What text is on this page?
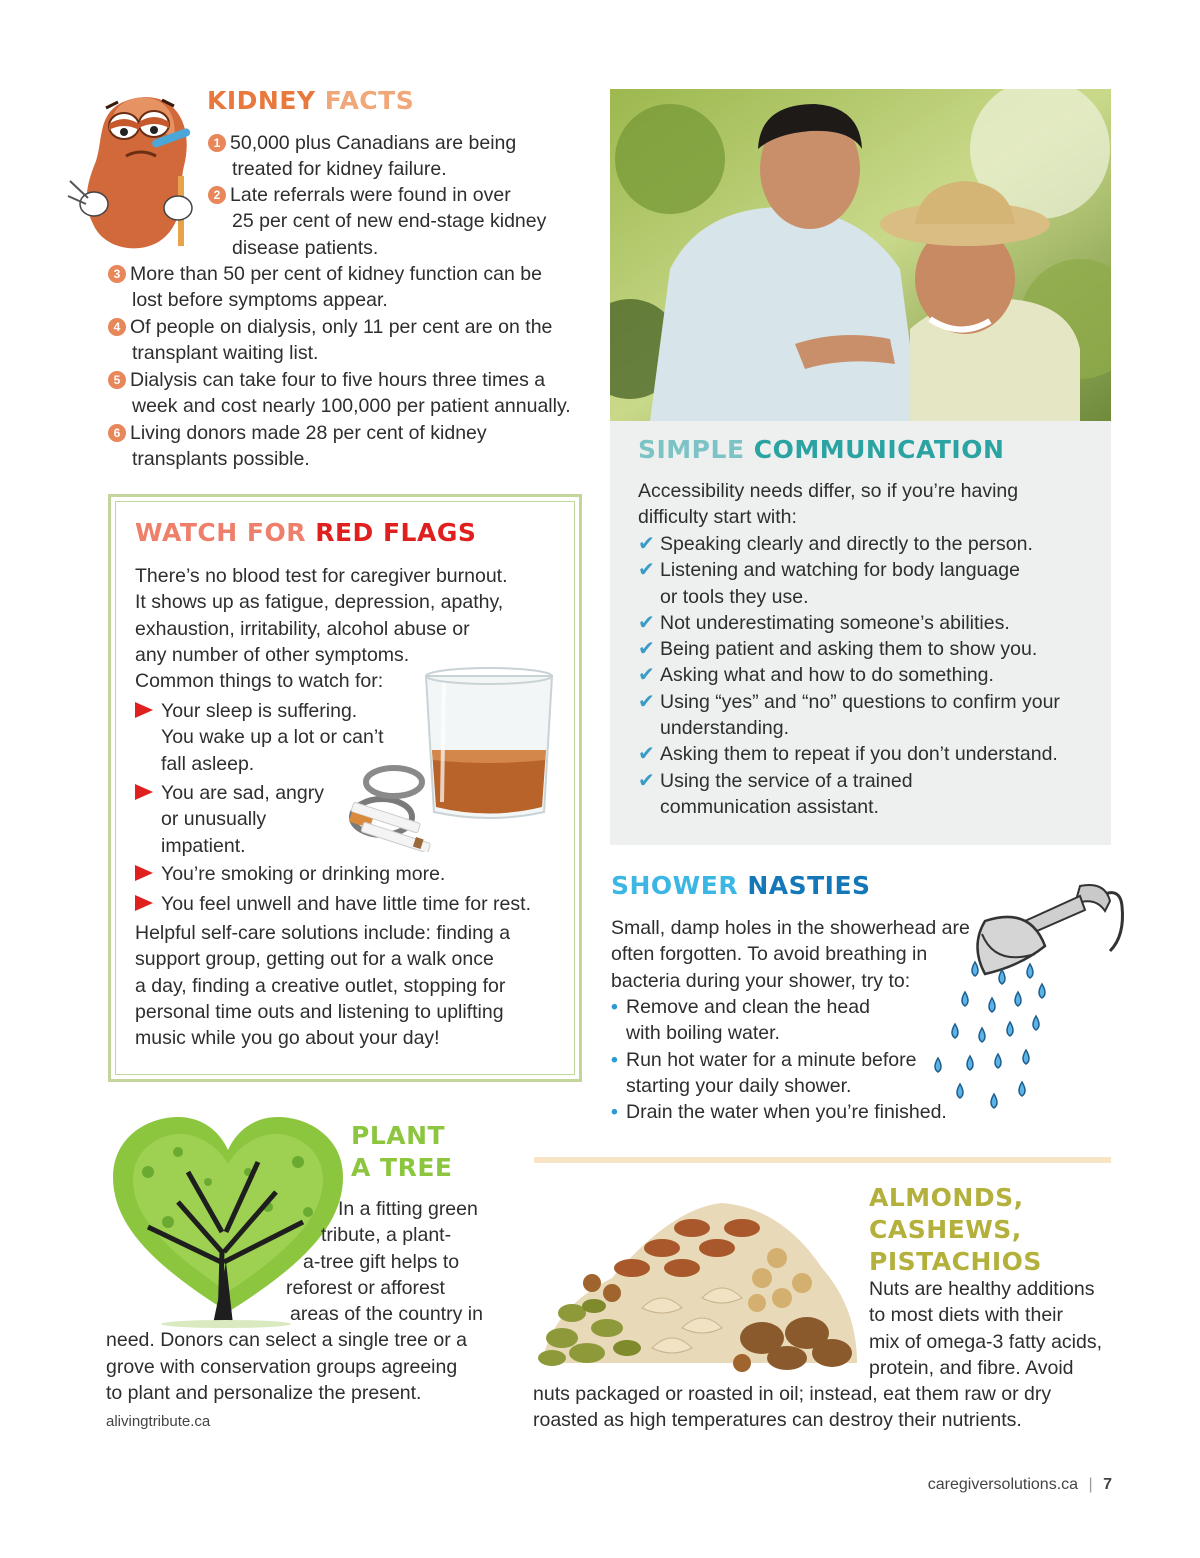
KIDNEY FACTS
1 50,000 plus Canadians are being
treated for kidney failure.
2 Late referrals were found in over
25 per cent of new end-stage kidney
disease patients.
3 More than 50 per cent of kidney function can be
lost before symptoms appear.
4 Of people on dialysis, only 11 per cent are on the
transplant waiting list.
5 Dialysis can take four to five hours three times a
week and cost nearly 100,000 per patient annually.
6 Living donors made 28 per cent of kidney
transplants possible.
WATCH FOR RED FLAGS
There’s no blood test for caregiver burnout.
It shows up as fatigue, depression, apathy,
exhaustion, irritability, alcohol abuse or
any number of other symptoms.
Common things to watch for:
Your sleep is suffering.
You wake up a lot or can’t
fall asleep.
You are sad, angry
or unusually
impatient.
You’re smoking or drinking more.
You feel unwell and have little time for rest.
Helpful self-care solutions include: finding a
support group, getting out for a walk once
a day, finding a creative outlet, stopping for
personal time outs and listening to uplifting
music while you go about your day!
SIMPLE COMMUNICATION
Accessibility needs differ, so if you’re having
difficulty start with:
✔ Speaking clearly and directly to the person.
✔ Listening and watching for body language
or tools they use.
✔ Not underestimating someone’s abilities.
✔ Being patient and asking them to show you.
✔ Asking what and how to do something.
✔ Using “yes” and “no” questions to confirm your
understanding.
✔ Asking them to repeat if you don’t understand.
✔ Using the service of a trained
communication assistant.
SHOWER NASTIES
Small, damp holes in the showerhead are
often forgotten. To avoid breathing in
bacteria during your shower, try to:
• Remove and clean the head
with boiling water.
• Run hot water for a minute before
starting your daily shower.
• Drain the water when you’re finished.
PLANT
A TREE
In a fitting green
tribute, a plant-
a-tree gift helps to
reforest or afforest
areas of the country in
need. Donors can select a single tree or a
grove with conservation groups agreeing
to plant and personalize the present.
alivingtribute.ca
ALMONDS,
CASHEWS,
PISTACHIOS
Nuts are healthy additions
to most diets with their
mix of omega-3 fatty acids,
protein, and fibre. Avoid
nuts packaged or roasted in oil; instead, eat them raw or dry
roasted as high temperatures can destroy their nutrients.
caregiversolutions.ca | 7
